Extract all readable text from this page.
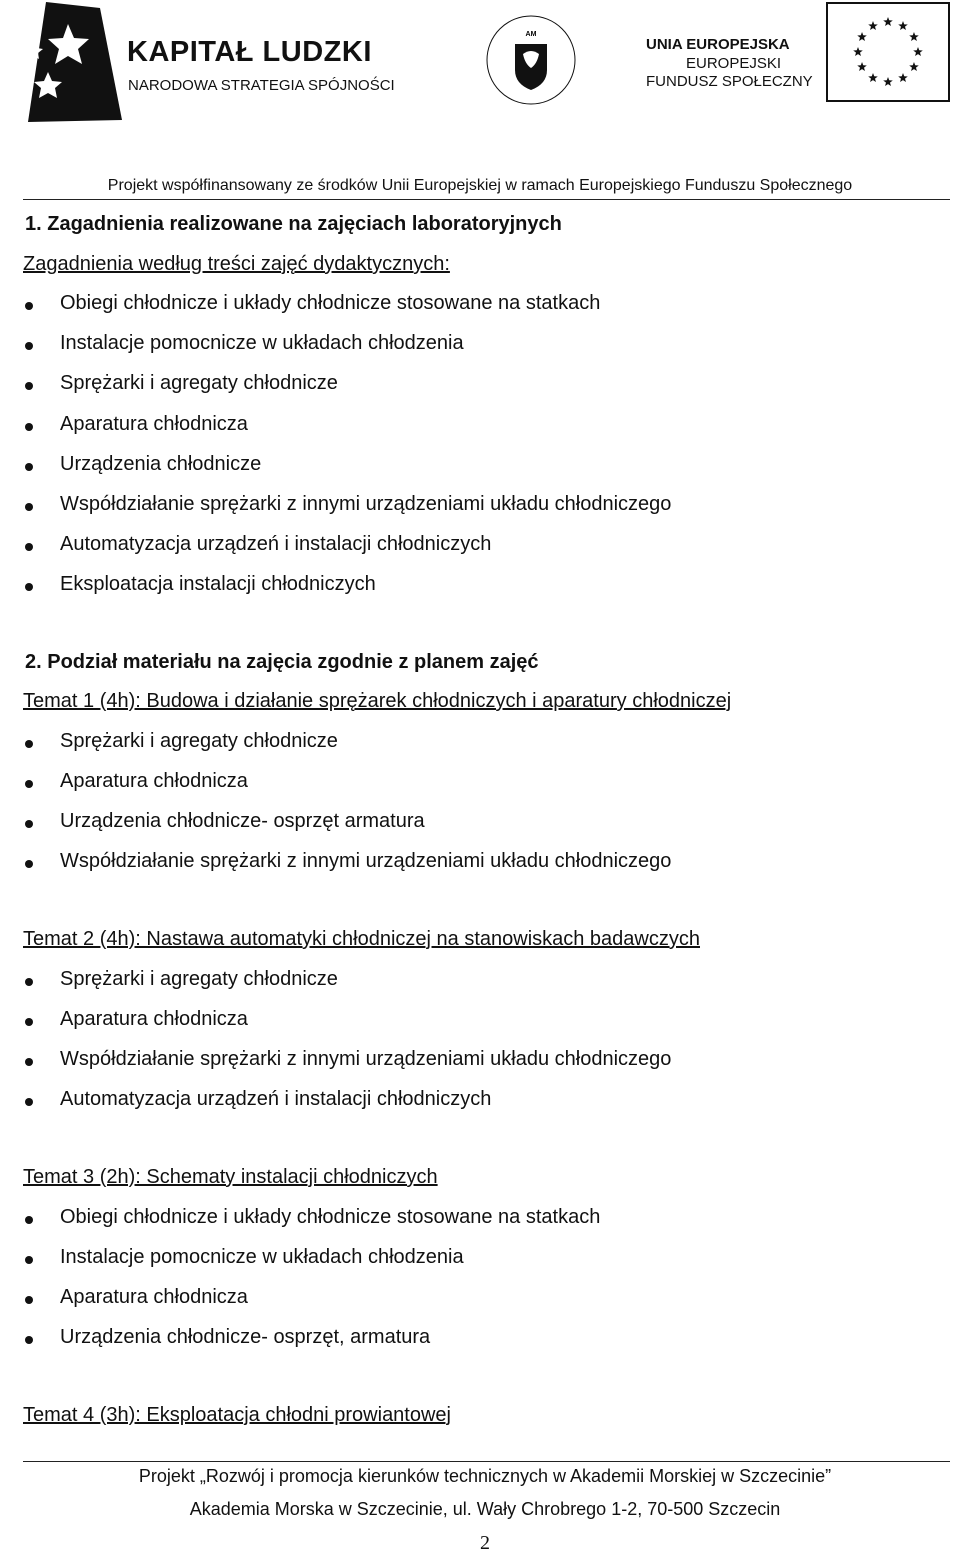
KAPITAŁ LUDZKI
NARODOWA STRATEGIA SPÓJNOŚCI
AM
UNIA EUROPEJSKA
EUROPEJSKI
FUNDUSZ SPOŁECZNY
Projekt współfinansowany ze środków Unii Europejskiej w ramach Europejskiego Funduszu Społecznego
1. Zagadnienia realizowane na zajęciach laboratoryjnych
Zagadnienia według treści zajęć dydaktycznych:
Obiegi chłodnicze i układy chłodnicze stosowane na statkach
Instalacje pomocnicze w układach chłodzenia
Sprężarki i agregaty chłodnicze
Aparatura chłodnicza
Urządzenia chłodnicze
Współdziałanie sprężarki z innymi urządzeniami układu chłodniczego
Automatyzacja urządzeń i instalacji chłodniczych
Eksploatacja instalacji chłodniczych
2. Podział materiału na zajęcia zgodnie z planem zajęć
Temat 1 (4h): Budowa i działanie sprężarek chłodniczych i aparatury chłodniczej
Sprężarki i agregaty chłodnicze
Aparatura chłodnicza
Urządzenia chłodnicze- osprzęt armatura
Współdziałanie sprężarki z innymi urządzeniami układu chłodniczego
Temat 2 (4h): Nastawa automatyki chłodniczej na stanowiskach badawczych
Sprężarki i agregaty chłodnicze
Aparatura chłodnicza
Współdziałanie sprężarki z innymi urządzeniami układu chłodniczego
Automatyzacja urządzeń i instalacji chłodniczych
Temat 3 (2h): Schematy instalacji chłodniczych
Obiegi chłodnicze i układy chłodnicze stosowane na statkach
Instalacje pomocnicze w układach chłodzenia
Aparatura chłodnicza
Urządzenia chłodnicze- osprzęt, armatura
Temat 4 (3h): Eksploatacja chłodni prowiantowej
Projekt „Rozwój i promocja kierunków technicznych w Akademii Morskiej w Szczecinie”
Akademia Morska w Szczecinie, ul. Wały Chrobrego 1-2, 70-500 Szczecin
2
